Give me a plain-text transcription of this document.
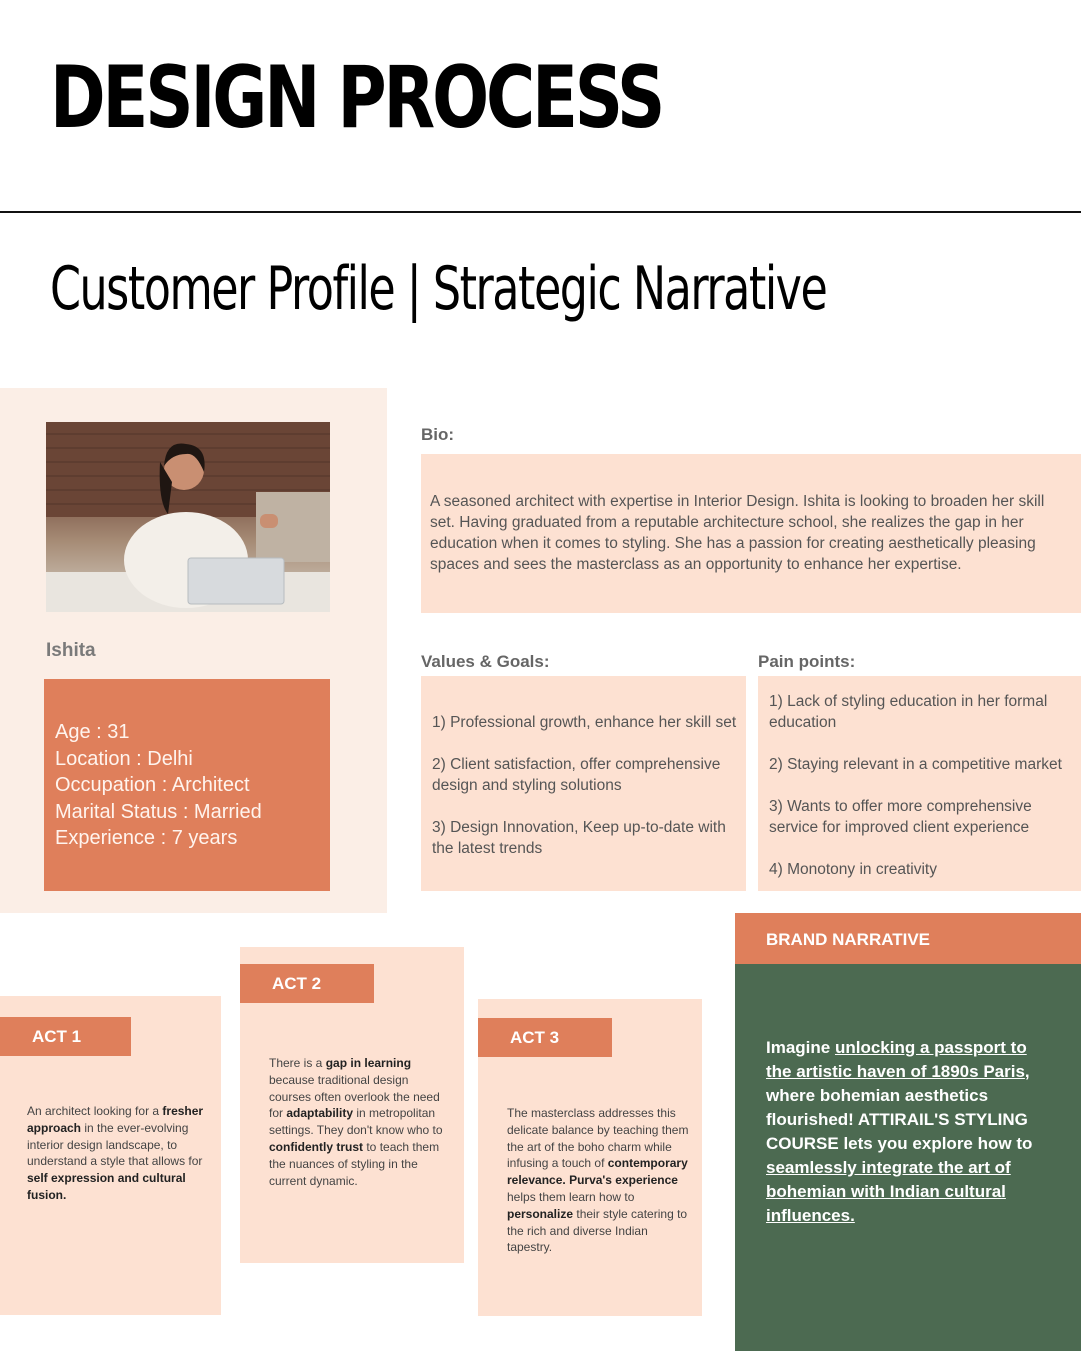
DESIGN PROCESS
Customer Profile | Strategic Narrative
Ishita
Age : 31
Location : Delhi
Occupation : Architect
Marital Status : Married
Experience : 7 years
Bio:

A seasoned architect with expertise in Interior Design. Ishita is looking to broaden her skill set. Having graduated from a reputable architecture school, she realizes the gap in her education when it comes to styling. She has a passion for creating aesthetically pleasing spaces and sees the masterclass as an opportunity to enhance her expertise.

Values & Goals:
1) Professional growth, enhance her skill set
2) Client satisfaction, offer comprehensive design and styling solutions
3) Design Innovation, Keep up-to-date with the latest trends
Pain points:
1) Lack of styling education in her formal education
2) Staying relevant in a competitive market
3) Wants to offer more comprehensive service for improved client experience
4) Monotony in creativity
ACT 1

An architect looking for a fresher approach in the ever-evolving interior design landscape, to understand a style that allows for self expression and cultural fusion.

ACT 2

There is a gap in learning because traditional design courses often overlook the need for adaptability in metropolitan settings. They don't know who to confidently trust to teach them the nuances of styling in the current dynamic.

ACT 3

The masterclass addresses this delicate balance by teaching them the art of the boho charm while infusing a touch of contemporary relevance. Purva's experience helps them learn how to personalize their style catering to the rich and diverse Indian tapestry.

BRAND NARRATIVE

Imagine unlocking a passport to the artistic haven of 1890s Paris, where bohemian aesthetics flourished! ATTIRAIL'S STYLING COURSE lets you explore how to seamlessly integrate the art of bohemian with Indian cultural influences.
